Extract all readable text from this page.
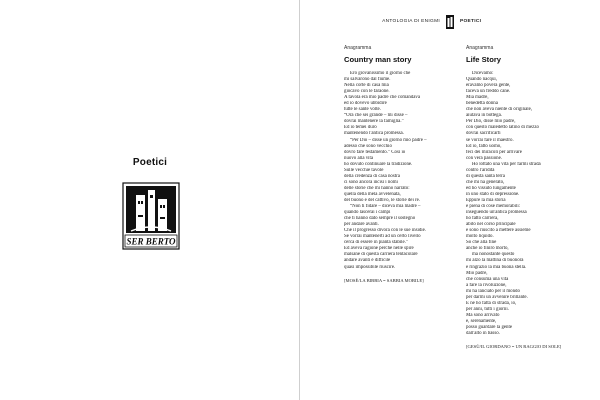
Poetici
SER BERTO
ANTOLOGIA DI ENIGMI	POETICI
Anagramma
Country man story
Ero giovanissimo il giorno che
mi salvarono dal fiume.
Nella corte di casa mia
giocavo con le faraone.
A tavola era mio padre che comandava
ed io dovevo ubbidire
tutte le sante volte.
“Ora che sei grande – mi disse –
dovrai mantenere la famiglia.”
Ed io temei duro
mantenendo l'antica promessa.
“Per Dio – disse un giorno mio padre –
adesso che sono vecchio
dovrò fare testamento.” Così io
nuovo alla vita
ho dovuto continuare la tradizione.
Sulle vecchie tavole
della credenza di casa nostra
ci sono ancora incisi i nomi
delle storie che mi hanno narrato:
quella della mela avvelenata,
del buono e del cattivo, le storie dei re.
“Non ti fidare – diceva mia madre –
quando lascerai i campi
che ti hanno dato sempre il sostegno
per andare avanti.
Ché il progresso divora con le sue insidie.
Se vorrai mantenerti ad un certo livello
cerca di essere in pianta stabile.”
Ed aveva ragione perché nelle spire
malsane di questa carriera tentacolare
andare avanti è difficile
quasi impossibile riuscire.
[MOSÈ/LA BIBBIA = SABBIA MOBILE]
Anagramma
Life Story
Dicevamo:
Quando nacqui,
eravamo povera gente,
faceva un freddo cane.
Mia madre,
benedetta donna
che non aveva niente di originale,
aiutava in bottega.
Per Dio, disse mio padre,
con questo maledetto latino di mezzo
dovrai sacrificarti
se vorrai fare il maestro.
Ed io, fatto uomo,
feci dei miracoli per arrivare
con vera passione.
Ho lottato una vita per farmi strada
contro l'aridità
di questa santa terra
che mi ha generato,
ed ho vissuto lungamente
in uno stato di depressione.
Eppure la mia storia
è piena di cose memorabili:
inseguendo un'antica promessa
ho fatto carriera,
abito nel corso principale
e sono riuscito a mettere assieme
molto liquido.
So che alla fine
anche io finirò morto,
ma nonostante questo
mi alzo la mattina di buonora
e ringrazio la mia buona stella.
Mio padre,
che consuma una vita
a fare la rivoluzione,
mi ha lanciato per il mondo
per darmi un avvenire brillante.
E ne ho fatta di strada, io,
per anni, tutti i giorni.
Ma sono arrivato
e, serenamente,
posso guardare la gente
dall'alto in basso.
[GESÙ/IL GIORDANO = UN RAGGIO DI SOLE]
